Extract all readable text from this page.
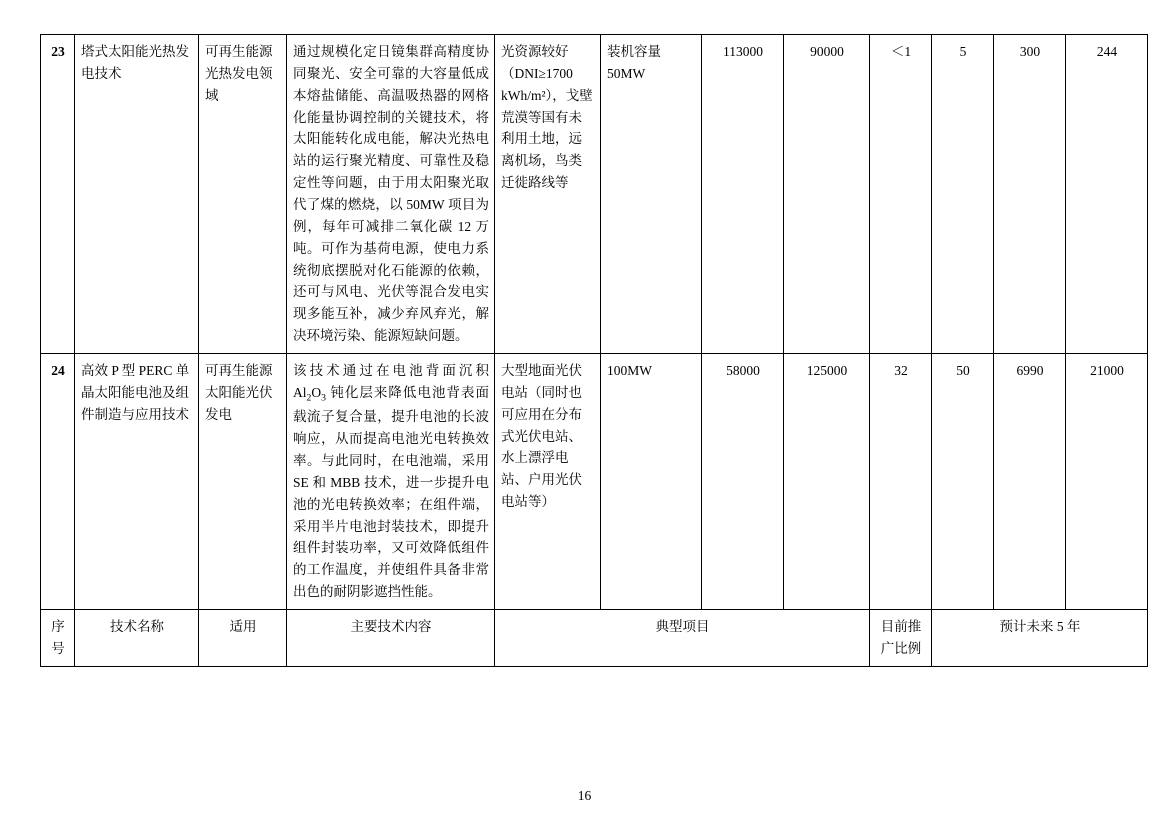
23	塔式太阳能光热发电技术	可再生能源光热发电领域	通过规模化定日镜集群高精度协同聚光、安全可靠的大容量低成本熔盐储能、高温吸热器的网格化能量协调控制的关键技术，将太阳能转化成电能，解决光热电站的运行聚光精度、可靠性及稳定性等问题，由于用太阳聚光取代了煤的燃烧，以 50MW 项目为例，每年可减排二氧化碳 12 万吨。可作为基荷电源，使电力系统彻底摆脱对化石能源的依赖，还可与风电、光伏等混合发电实现多能互补，减少弃风弃光，解决环境污染、能源短缺问题。	光资源较好（DNI≥1700 kWh/m²），戈壁荒漠等国有未利用土地，远离机场，鸟类迁徙路线等	装机容量50MW	113000	90000	＜1	5	300	244
24	高效 P 型 PERC 单晶太阳能电池及组件制造与应用技术	可再生能源太阳能光伏发电	该技术通过在电池背面沉积 $Al_2O_3$ 钝化层来降低电池背表面载流子复合量，提升电池的长波响应，从而提高电池光电转换效率。与此同时，在电池端，采用 SE 和 MBB 技术，进一步提升电池的光电转换效率；在组件端，采用半片电池封装技术，即提升组件封装功率，又可效降低组件的工作温度，并使组件具备非常出色的耐阴影遮挡性能。	大型地面光伏电站（同时也可应用在分布式光伏电站、水上漂浮电站、户用光伏电站等）	100MW	58000	125000	32	50	6990	21000
序号	技术名称	适用	主要技术内容	典型项目				目前推广比例	预计未来 5 年		
16
